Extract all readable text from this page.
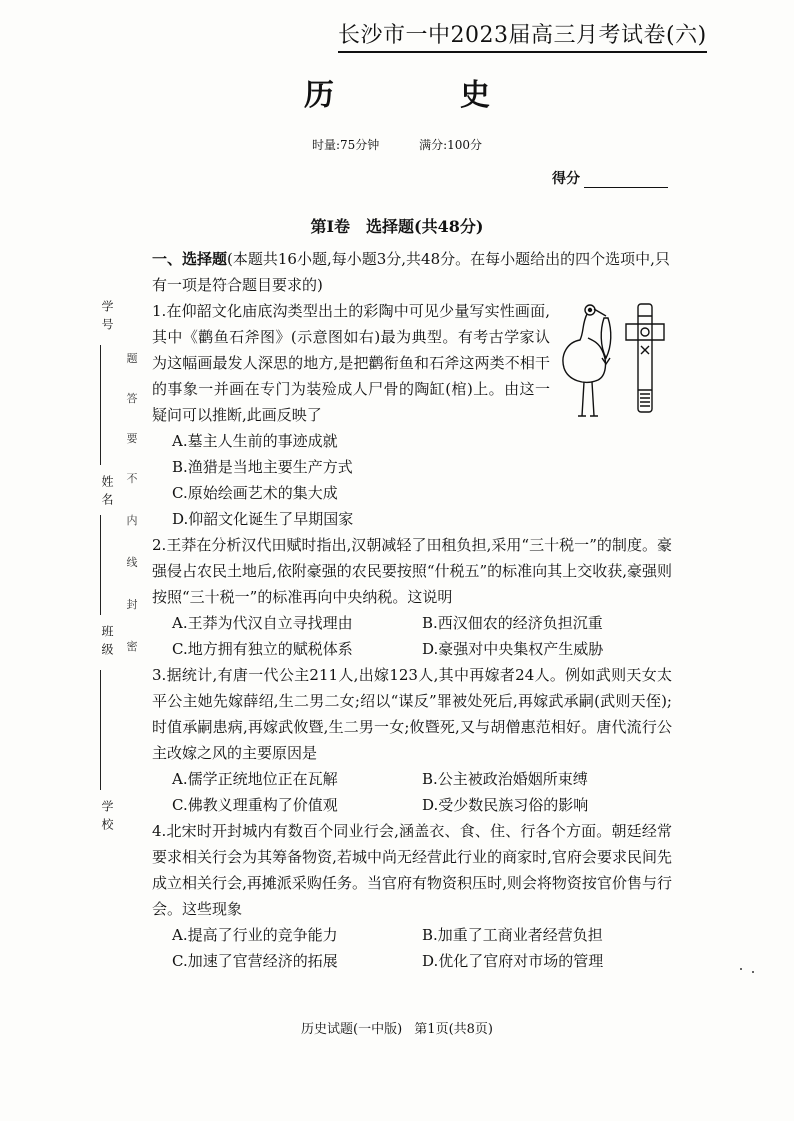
长沙市一中2023届高三月考试卷(六)
历　史
时量:75分钟	满分:100分
得分
第Ⅰ卷　选择题(共48分)
学号
姓名
班级
学校
题
答
要
不
内
线
封
密

一、选择题(本题共16小题,每小题3分,共48分。在每小题给出的四个选项中,只有一项是符合题目要求的)

1.在仰韶文化庙底沟类型出土的彩陶中可见少量写实性画面,其中《鹳鱼石斧图》(示意图如右)最为典型。有考古学家认为这幅画最发人深思的地方,是把鹳衔鱼和石斧这两类不相干的事象一并画在专门为装殓成人尸骨的陶缸(棺)上。由这一疑问可以推断,此画反映了

A.墓主人生前的事迹成就

B.渔猎是当地主要生产方式

C.原始绘画艺术的集大成

D.仰韶文化诞生了早期国家

2.王莽在分析汉代田赋时指出,汉朝减轻了田租负担,采用“三十税一”的制度。豪强侵占农民土地后,依附豪强的农民要按照“什税五”的标准向其上交收获,豪强则按照“三十税一”的标准再向中央纳税。这说明

A.王莽为代汉自立寻找理由	B.西汉佃农的经济负担沉重
C.地方拥有独立的赋税体系	D.豪强对中央集权产生威胁

3.据统计,有唐一代公主211人,出嫁123人,其中再嫁者24人。例如武则天女太平公主她先嫁薛绍,生二男二女;绍以“谋反”罪被处死后,再嫁武承嗣(武则天侄);时值承嗣患病,再嫁武攸暨,生二男一女;攸暨死,又与胡僧惠范相好。唐代流行公主改嫁之风的主要原因是

A.儒学正统地位正在瓦解	B.公主被政治婚姻所束缚
C.佛教义理重构了价值观	D.受少数民族习俗的影响

4.北宋时开封城内有数百个同业行会,涵盖衣、食、住、行各个方面。朝廷经常要求相关行会为其筹备物资,若城中尚无经营此行业的商家时,官府会要求民间先成立相关行会,再摊派采购任务。当官府有物资积压时,则会将物资按官价售与行会。这些现象

A.提高了行业的竞争能力	B.加重了工商业者经营负担
C.加速了官营经济的拓展	D.优化了官府对市场的管理
历史试题(一中版) 第1页(共8页)
